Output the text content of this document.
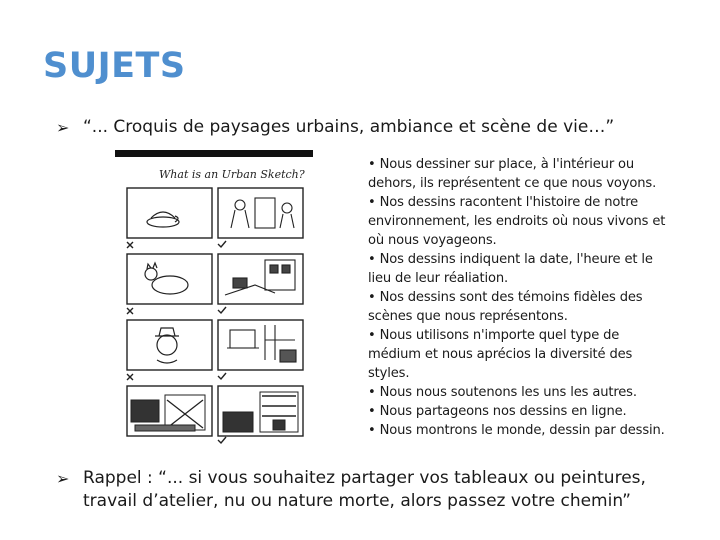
SUJETS
➢ “... Croquis de paysages urbains, ambiance et scène de vie…”
What is an Urban Sketch?

• Nous dessiner sur place, à l'intérieur ou dehors, ils représentent ce que nous voyons.

• Nos dessins racontent l'histoire de notre environnement, les endroits où nous vivons et où nous voyageons.

• Nos dessins indiquent la date, l'heure et le lieu de leur réaliation.

• Nos dessins sont des témoins fidèles des scènes que nous représentons.

• Nous utilisons n'importe quel type de médium et nous aprécios la diversité des styles.

• Nous nous soutenons les uns les autres.

• Nous partageons nos dessins en ligne.

• Nous montrons le monde, dessin par dessin.

➢ Rappel : “... si vous souhaitez partager vos tableaux ou peintures, travail d’atelier, nu ou nature morte, alors passez votre chemin”
